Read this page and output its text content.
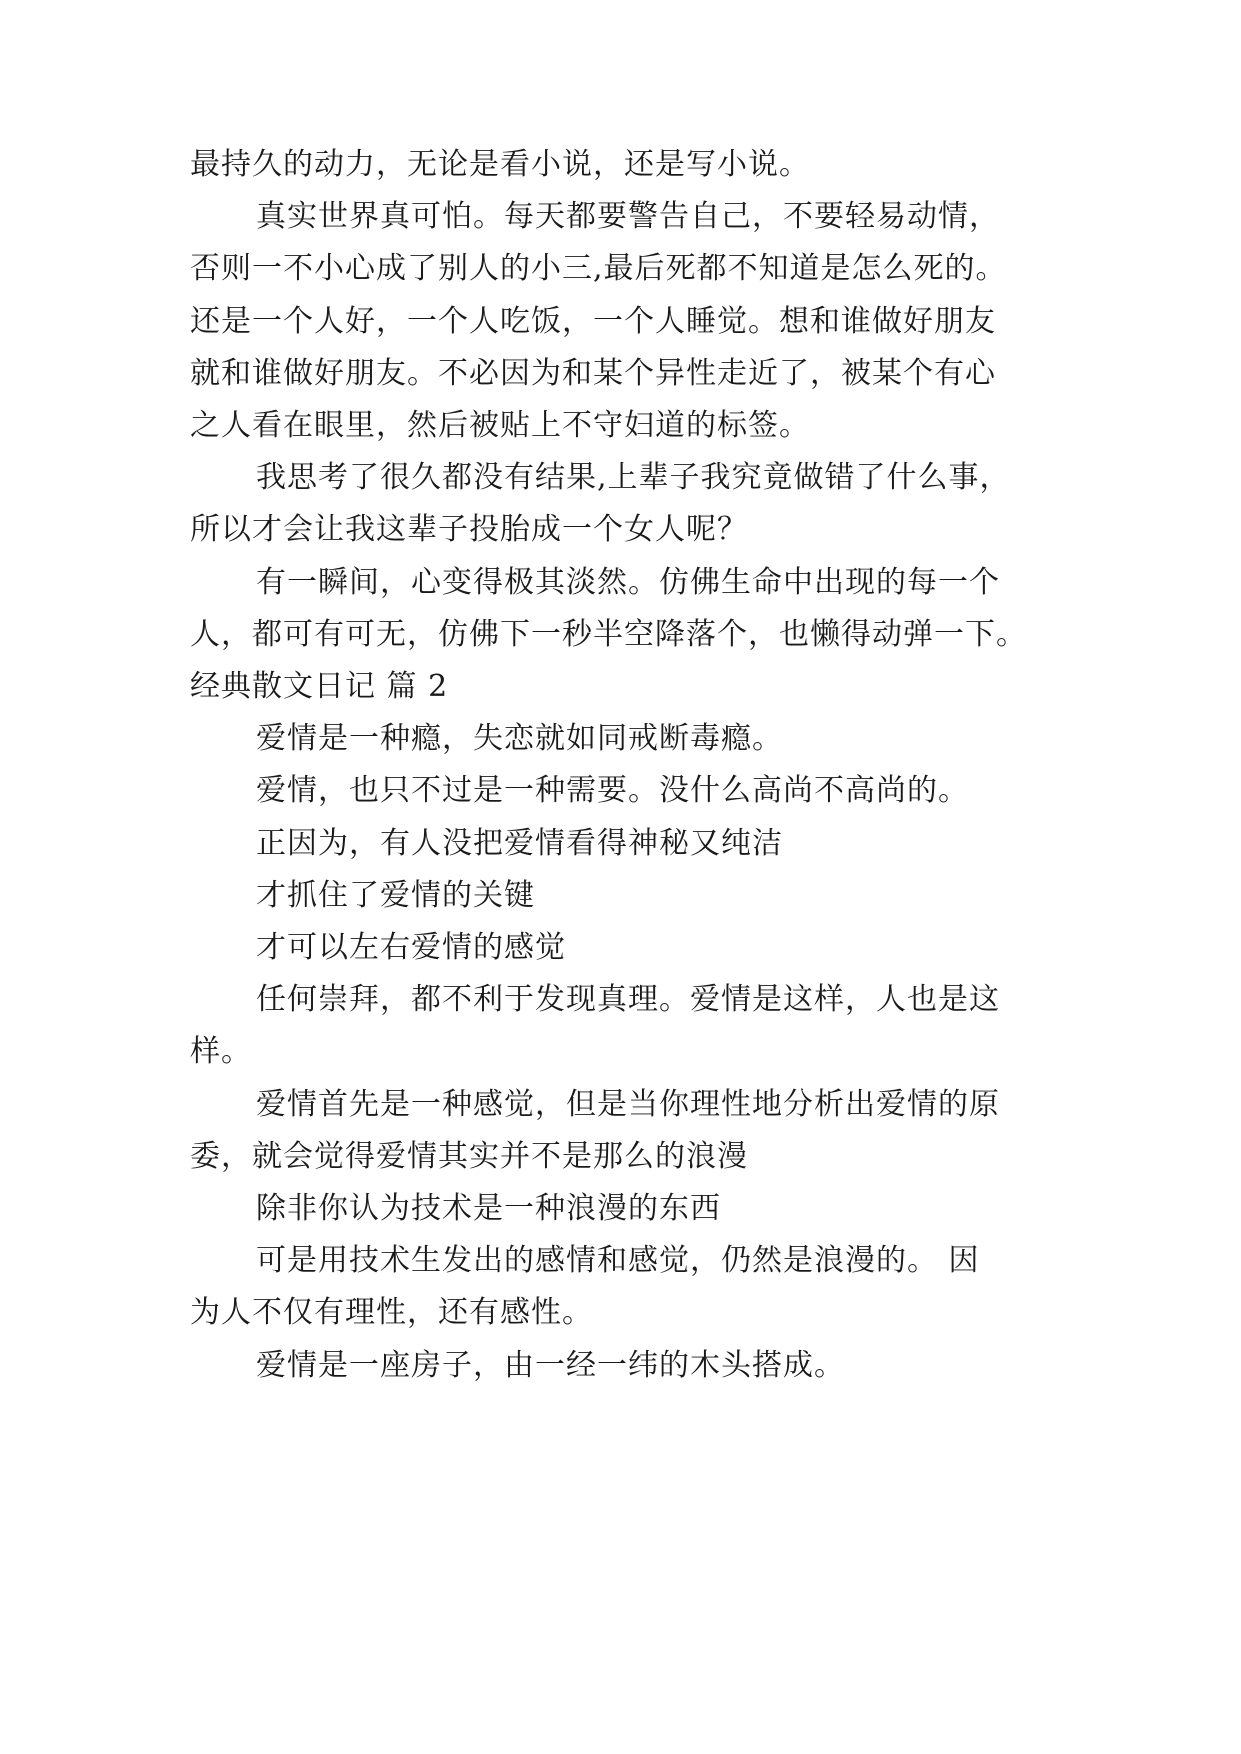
最持久的动力，无论是看小说，还是写小说。
真实世界真可怕。每天都要警告自己，不要轻易动情，
否则一不小心成了别人的小三,最后死都不知道是怎么死的。
还是一个人好，一个人吃饭，一个人睡觉。想和谁做好朋友
就和谁做好朋友。不必因为和某个异性走近了，被某个有心
之人看在眼里，然后被贴上不守妇道的标签。
我思考了很久都没有结果,上辈子我究竟做错了什么事，
所以才会让我这辈子投胎成一个女人呢？
有一瞬间，心变得极其淡然。仿佛生命中出现的每一个
人，都可有可无，仿佛下一秒半空降落个，也懒得动弹一下。
经典散文日记 篇 2
爱情是一种瘾，失恋就如同戒断毒瘾。
爱情，也只不过是一种需要。没什么高尚不高尚的。
正因为，有人没把爱情看得神秘又纯洁
才抓住了爱情的关键
才可以左右爱情的感觉
任何崇拜，都不利于发现真理。爱情是这样，人也是这
样。
爱情首先是一种感觉，但是当你理性地分析出爱情的原
委，就会觉得爱情其实并不是那么的浪漫
除非你认为技术是一种浪漫的东西
可是用技术生发出的感情和感觉，仍然是浪漫的。 因
为人不仅有理性，还有感性。
爱情是一座房子，由一经一纬的木头搭成。
